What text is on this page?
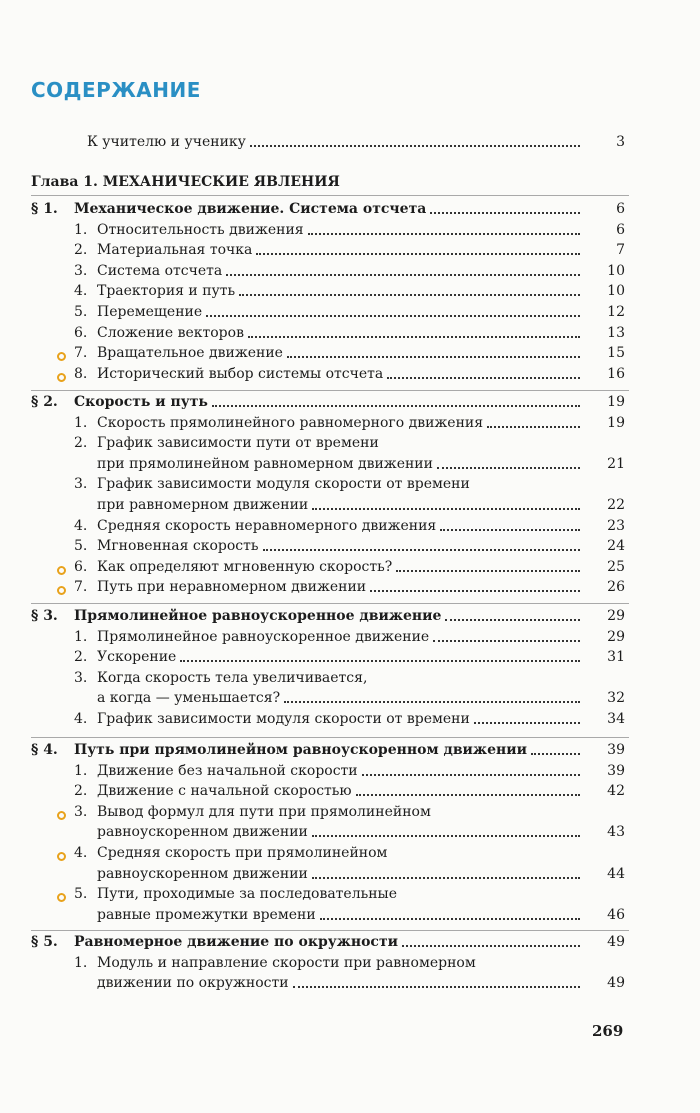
СОДЕРЖАНИЕ
К учителю и ученику	3
Глава 1. МЕХАНИЧЕСКИЕ ЯВЛЕНИЯ
§ 1. Механическое движение. Система отсчета	6
1. Относительность движения	6
2. Материальная точка	7
3. Система отсчета	10
4. Траектория и путь	10
5. Перемещение	12
6. Сложение векторов	13
7. Вращательное движение	15
8. Исторический выбор системы отсчета	16
§ 2. Скорость и путь	19
1. Скорость прямолинейного равномерного движения	19
2. График зависимости пути от времени
при прямолинейном равномерном движении	21
3. График зависимости модуля скорости от времени
при равномерном движении	22
4. Средняя скорость неравномерного движения	23
5. Мгновенная скорость	24
6. Как определяют мгновенную скорость?	25
7. Путь при неравномерном движении	26
§ 3. Прямолинейное равноускоренное движение	29
1. Прямолинейное равноускоренное движение	29
2. Ускорение	31
3. Когда скорость тела увеличивается,
а когда — уменьшается?	32
4. График зависимости модуля скорости от времени	34
§ 4. Путь при прямолинейном равноускоренном движении	39
1. Движение без начальной скорости	39
2. Движение с начальной скоростью	42
3. Вывод формул для пути при прямолинейном
равноускоренном движении	43
4. Средняя скорость при прямолинейном
равноускоренном движении	44
5. Пути, проходимые за последовательные
равные промежутки времени	46
§ 5. Равномерное движение по окружности	49
1. Модуль и направление скорости при равномерном
движении по окружности	49
269
